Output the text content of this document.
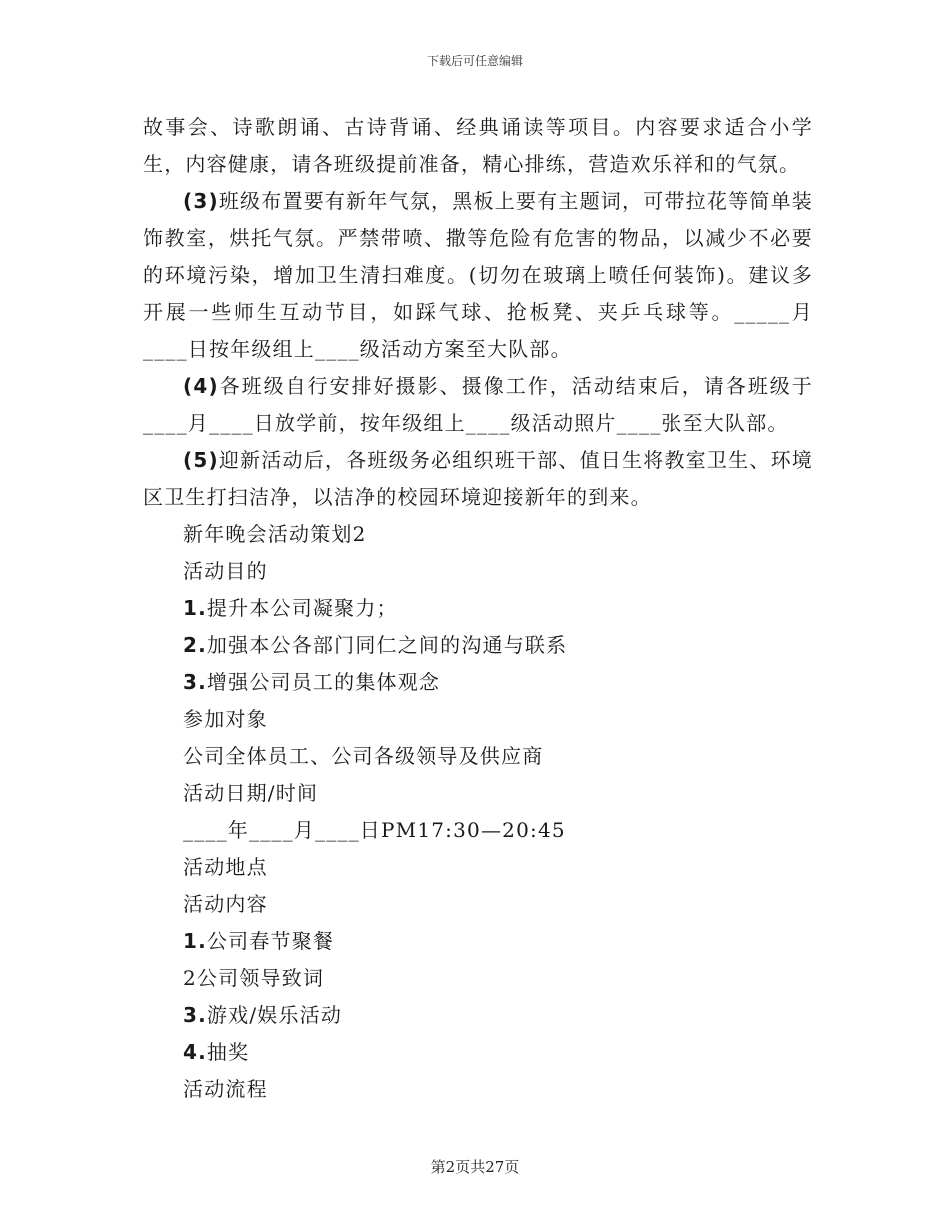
下载后可任意编辑

故事会、诗歌朗诵、古诗背诵、经典诵读等项目。内容要求适合小学生，内容健康，请各班级提前准备，精心排练，营造欢乐祥和的气氛。

(3)班级布置要有新年气氛，黑板上要有主题词，可带拉花等简单装饰教室，烘托气氛。严禁带喷、撒等危险有危害的物品，以减少不必要的环境污染，增加卫生清扫难度。(切勿在玻璃上喷任何装饰)。建议多开展一些师生互动节目，如踩气球、抢板凳、夹乒乓球等。_____月____日按年级组上____级活动方案至大队部。

(4)各班级自行安排好摄影、摄像工作，活动结束后，请各班级于____月____日放学前，按年级组上____级活动照片____张至大队部。

(5)迎新活动后，各班级务必组织班干部、值日生将教室卫生、环境区卫生打扫洁净，以洁净的校园环境迎接新年的到来。

新年晚会活动策划2

活动目的

1.提升本公司凝聚力；

2.加强本公各部门同仁之间的沟通与联系

3.增强公司员工的集体观念

参加对象

公司全体员工、公司各级领导及供应商

活动日期/时间

____年____月____日PM17:30—20:45

活动地点

活动内容

1.公司春节聚餐

2公司领导致词

3.游戏/娱乐活动

4.抽奖

活动流程

第2页共27页
